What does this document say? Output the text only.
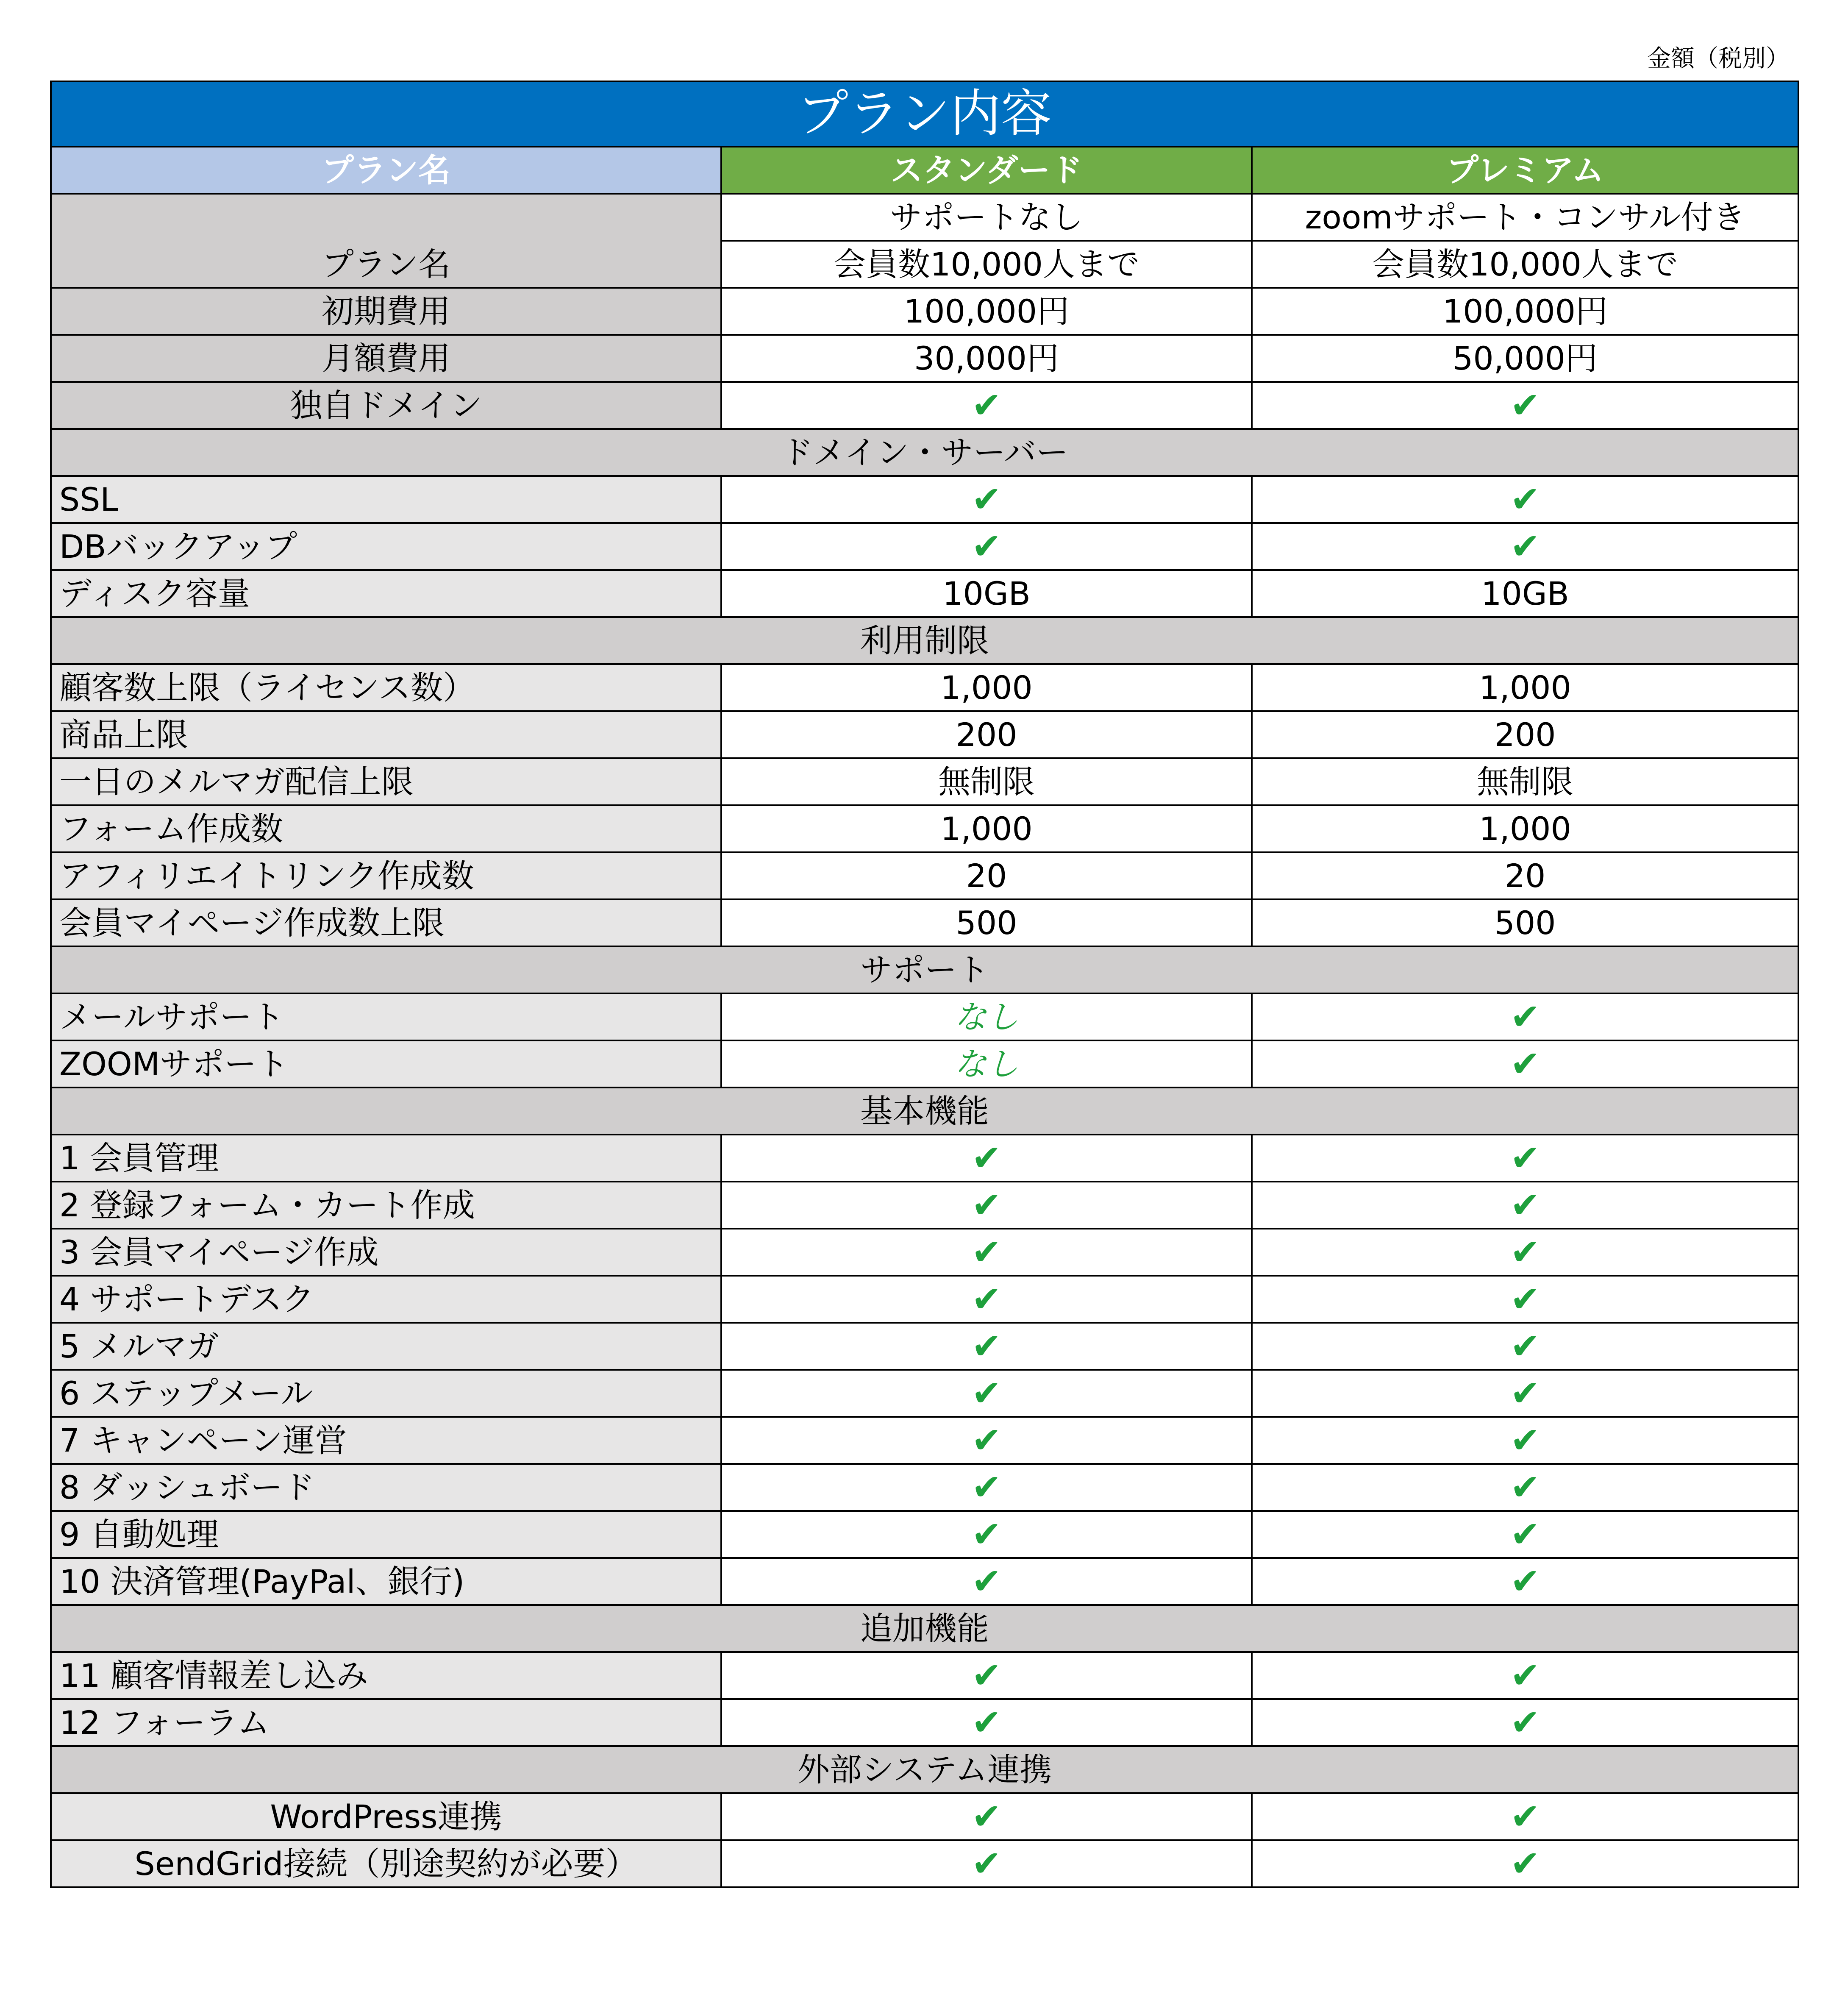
金額（税別）
プラン内容		
プラン名	スタンダード	プレミアム
プラン名	サポートなし	zoomサポート・コンサル付き
	会員数10,000人まで	会員数10,000人まで
初期費用	100,000円	100,000円
月額費用	30,000円	50,000円
独自ドメイン	✔	✔
ドメイン・サーバー		
SSL	✔	✔
DBバックアップ	✔	✔
ディスク容量	10GB	10GB
利用制限		
顧客数上限（ライセンス数）	1,000	1,000
商品上限	200	200
一日のメルマガ配信上限	無制限	無制限
フォーム作成数	1,000	1,000
アフィリエイトリンク作成数	20	20
会員マイページ作成数上限	500	500
サポート		
メールサポート	なし	✔
ZOOMサポート	なし	✔
基本機能		
1 会員管理	✔	✔
2 登録フォーム・カート作成	✔	✔
3 会員マイページ作成	✔	✔
4 サポートデスク	✔	✔
5 メルマガ	✔	✔
6 ステップメール	✔	✔
7 キャンペーン運営	✔	✔
8 ダッシュボード	✔	✔
9 自動処理	✔	✔
10 決済管理(PayPal、銀行)	✔	✔
追加機能		
11 顧客情報差し込み	✔	✔
12 フォーラム	✔	✔
外部システム連携		
WordPress連携	✔	✔
SendGrid接続（別途契約が必要）	✔	✔
